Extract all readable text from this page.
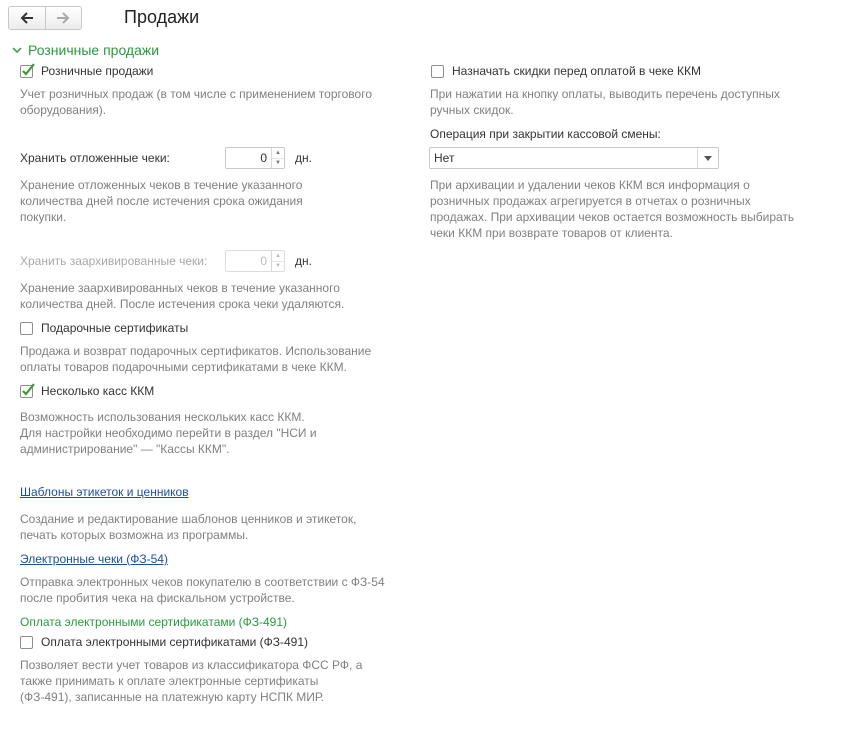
Продажи
Розничные продажи
Розничные продажи
Учет розничных продаж (в том числе с применением торгового
оборудования).
Хранить отложенные чеки:	0	▲
▼ дн.
Хранение отложенных чеков в течение указанного
количества дней после истечения срока ожидания
покупки.
Хранить заархивированные чеки:	0	▲
▼ дн.
Хранение заархивированных чеков в течение указанного
количества дней. После истечения срока чеки удаляются.
Подарочные сертификаты
Продажа и возврат подарочных сертификатов. Использование
оплаты товаров подарочными сертификатами в чеке ККМ.
Несколько касс ККМ
Возможность использования нескольких касс ККМ.
Для настройки необходимо перейти в раздел "НСИ и
администрирование" — "Кассы ККМ".
Шаблоны этикеток и ценников
Создание и редактирование шаблонов ценников и этикеток,
печать которых возможна из программы.
Электронные чеки (ФЗ-54)
Отправка электронных чеков покупателю в соответствии с ФЗ-54
после пробития чека на фискальном устройстве.
Оплата электронными сертификатами (ФЗ-491)
Оплата электронными сертификатами (ФЗ-491)
Позволяет вести учет товаров из классификатора ФСС РФ, а
также принимать к оплате электронные сертификаты
(ФЗ-491), записанные на платежную карту НСПК МИР.
Назначать скидки перед оплатой в чеке ККМ
При нажатии на кнопку оплаты, выводить перечень доступных
ручных скидок.
Операция при закрытии кассовой смены:
Нет
При архивации и удалении чеков ККМ вся информация о
розничных продажах агрегируется в отчетах о розничных
продажах. При архивации чеков остается возможность выбирать
чеки ККМ при возврате товаров от клиента.
